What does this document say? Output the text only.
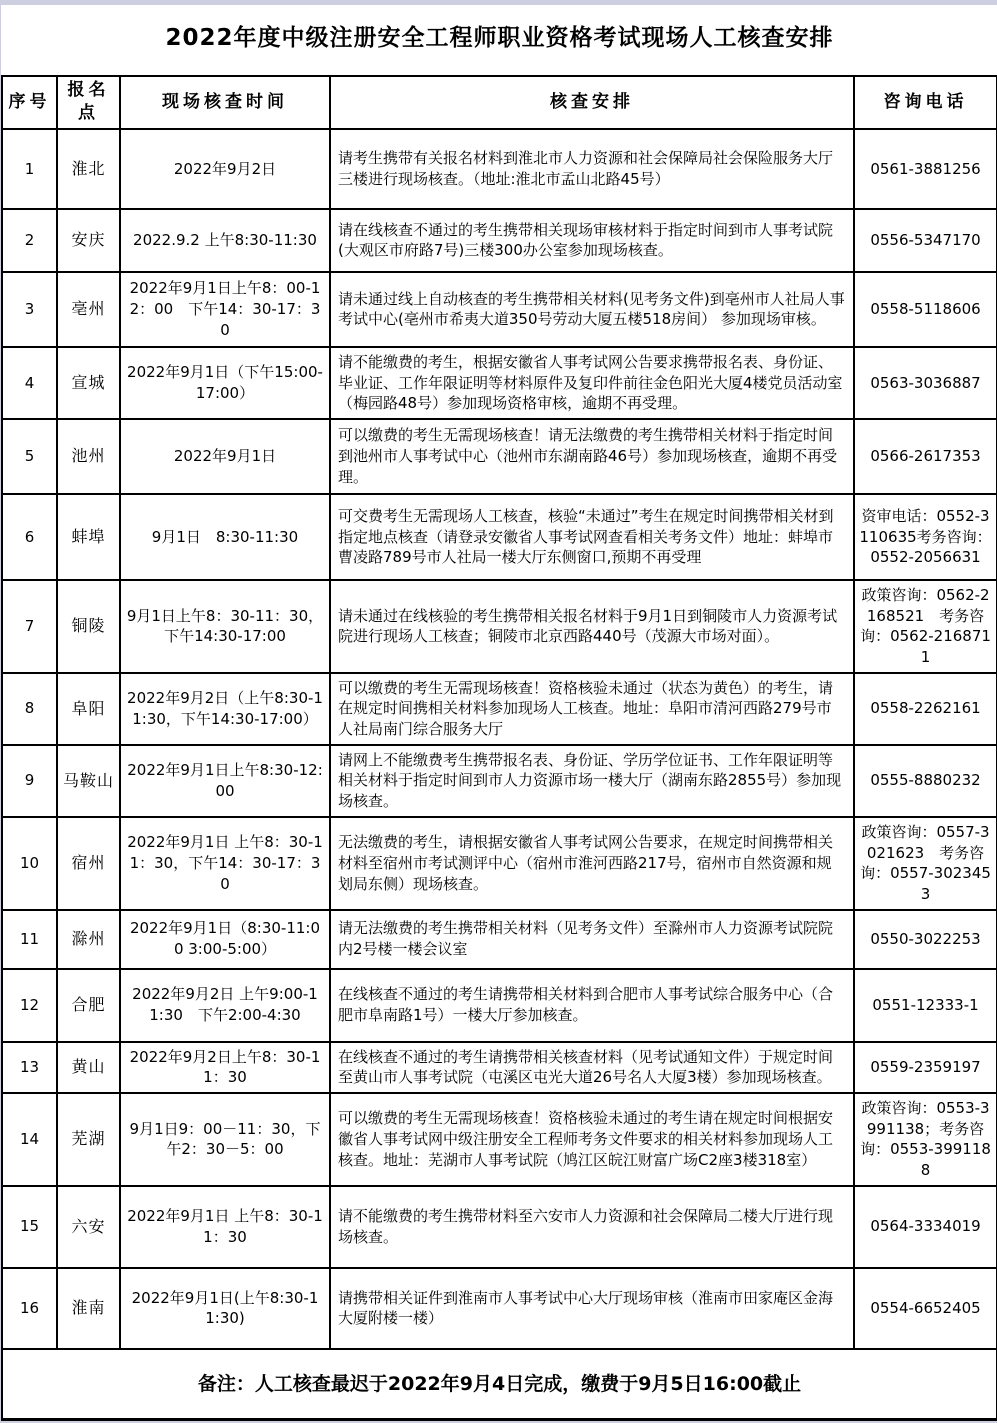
2022年度中级注册安全工程师职业资格考试现场人工核查安排				
序号	报名点	现场核查时间	核查安排	咨询电话
1	淮北	2022年9月2日	请考生携带有关报名材料到淮北市人力资源和社会保障局社会保险服务大厅三楼进行现场核查。（地址:淮北市孟山北路45号）	0561-3881256
2	安庆	2022.9.2 上午8:30-11:30	请在线核查不通过的考生携带相关现场审核材料于指定时间到市人事考试院(大观区市府路7号)三楼300办公室参加现场核查。	0556-5347170
3	亳州	2022年9月1日上午8：00-12：00　下午14：30-17：30	请未通过线上自动核查的考生携带相关材料(见考务文件)到亳州市人社局人事考试中心(亳州市希夷大道350号劳动大厦五楼518房间） 参加现场审核。	0558-5118606
4	宣城	2022年9月1日（下午15:00-17:00）	请不能缴费的考生，根据安徽省人事考试网公告要求携带报名表、身份证、毕业证、工作年限证明等材料原件及复印件前往金色阳光大厦4楼党员活动室（梅园路48号）参加现场资格审核，逾期不再受理。	0563-3036887
5	池州	2022年9月1日	可以缴费的考生无需现场核查！请无法缴费的考生携带相关材料于指定时间到池州市人事考试中心（池州市东湖南路46号）参加现场核查，逾期不再受理。	0566-2617353
6	蚌埠	9月1日　8:30-11:30	可交费考生无需现场人工核查，核验“未通过”考生在规定时间携带相关材到指定地点核查（请登录安徽省人事考试网查看相关考务文件）地址：蚌埠市曹凌路789号市人社局一楼大厅东侧窗口,预期不再受理	资审电话：0552-3110635考务咨询：0552-2056631
7	铜陵	9月1日上午8：30-11：30，下午14:30-17:00	请未通过在线核验的考生携带相关报名材料于9月1日到铜陵市人力资源考试院进行现场人工核查；铜陵市北京西路440号（茂源大市场对面）。	政策咨询：0562-2168521　考务咨询：0562-2168711
8	阜阳	2022年9月2日（上午8:30-11:30，下午14:30-17:00）	可以缴费的考生无需现场核查！资格核验未通过（状态为黄色）的考生，请在规定时间携相关材料参加现场人工核查。地址：阜阳市清河西路279号市人社局南门综合服务大厅	0558-2262161
9	马鞍山	2022年9月1日上午8:30-12:00	请网上不能缴费考生携带报名表、身份证、学历学位证书、工作年限证明等相关材料于指定时间到市人力资源市场一楼大厅（湖南东路2855号）参加现场核查。	0555-8880232
10	宿州	2022年9月1日 上午8：30-11：30，下午14：30-17：30	无法缴费的考生，请根据安徽省人事考试网公告要求，在规定时间携带相关材料至宿州市考试测评中心（宿州市淮河西路217号，宿州市自然资源和规划局东侧）现场核查。	政策咨询：0557-3021623　考务咨询：0557-3023453
11	滁州	2022年9月1日（8:30-11:00 3:00-5:00）	请无法缴费的考生携带相关材料（见考务文件）至滁州市人力资源考试院院内2号楼一楼会议室	0550-3022253
12	合肥	2022年9月2日 上午9:00-11:30　下午2:00-4:30	在线核查不通过的考生请携带相关材料到合肥市人事考试综合服务中心（合肥市阜南路1号）一楼大厅参加核查。	0551-12333-1
13	黄山	2022年9月2日上午8：30-11：30	在线核查不通过的考生请携带相关核查材料（见考试通知文件）于规定时间至黄山市人事考试院（屯溪区屯光大道26号名人大厦3楼）参加现场核查。	0559-2359197
14	芜湖	9月1日9：00－11：30，下午2：30－5：00	可以缴费的考生无需现场核查！资格核验未通过的考生请在规定时间根据安徽省人事考试网中级注册安全工程师考务文件要求的相关材料参加现场人工核查。地址：芜湖市人事考试院（鸠江区皖江财富广场C2座3楼318室）	政策咨询：0553-3991138；考务咨询：0553-3991188
15	六安	2022年9月1日 上午8：30-11：30	请不能缴费的考生携带材料至六安市人力资源和社会保障局二楼大厅进行现场核查。	0564-3334019
16	淮南	2022年9月1日(上午8:30-11:30)	请携带相关证件到淮南市人事考试中心大厅现场审核（淮南市田家庵区金海大厦附楼一楼）	0554-6652405
备注：人工核查最迟于2022年9月4日完成，缴费于9月5日16:00截止				
